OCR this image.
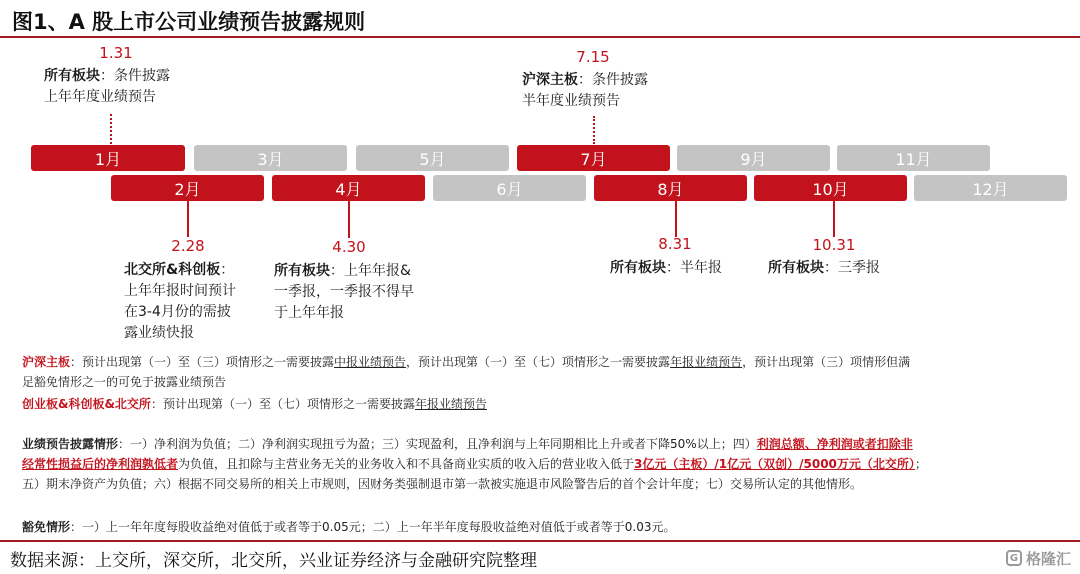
图1、A 股上市公司业绩预告披露规则
1.31
所有板块：条件披露
上年年度业绩预告
7.15
沪深主板：条件披露
半年度业绩预告
1月	3月	5月	7月	9月	11月
2月	4月	6月	8月	10月	12月
2.28	4.30	8.31	10.31
北交所&科创板：
上年年报时间预计
在3-4月份的需披
露业绩快报
所有板块：上年年报&
一季报，一季报不得早
于上年年报
所有板块：半年报	所有板块：三季报
沪深主板：预计出现第（一）至（三）项情形之一需要披露中报业绩预告，预计出现第（一）至（七）项情形之一需要披露年报业绩预告，预计出现第（三）项情形但满
足豁免情形之一的可免于披露业绩预告
创业板&科创板&北交所：预计出现第（一）至（七）项情形之一需要披露年报业绩预告
业绩预告披露情形：一）净利润为负值；二）净利润实现扭亏为盈；三）实现盈利，且净利润与上年同期相比上升或者下降50%以上；四）利润总额、净利润或者扣除非
经常性损益后的净利润孰低者为负值，且扣除与主营业务无关的业务收入和不具备商业实质的收入后的营业收入低于3亿元（主板）/1亿元（双创）/5000万元（北交所）；
五）期末净资产为负值；六）根据不同交易所的相关上市规则，因财务类强制退市第一款被实施退市风险警告后的首个会计年度；七）交易所认定的其他情形。
豁免情形：一）上一年年度每股收益绝对值低于或者等于0.05元；二）上一年半年度每股收益绝对值低于或者等于0.03元。
数据来源：上交所，深交所，北交所，兴业证券经济与金融研究院整理	G 格隆汇
